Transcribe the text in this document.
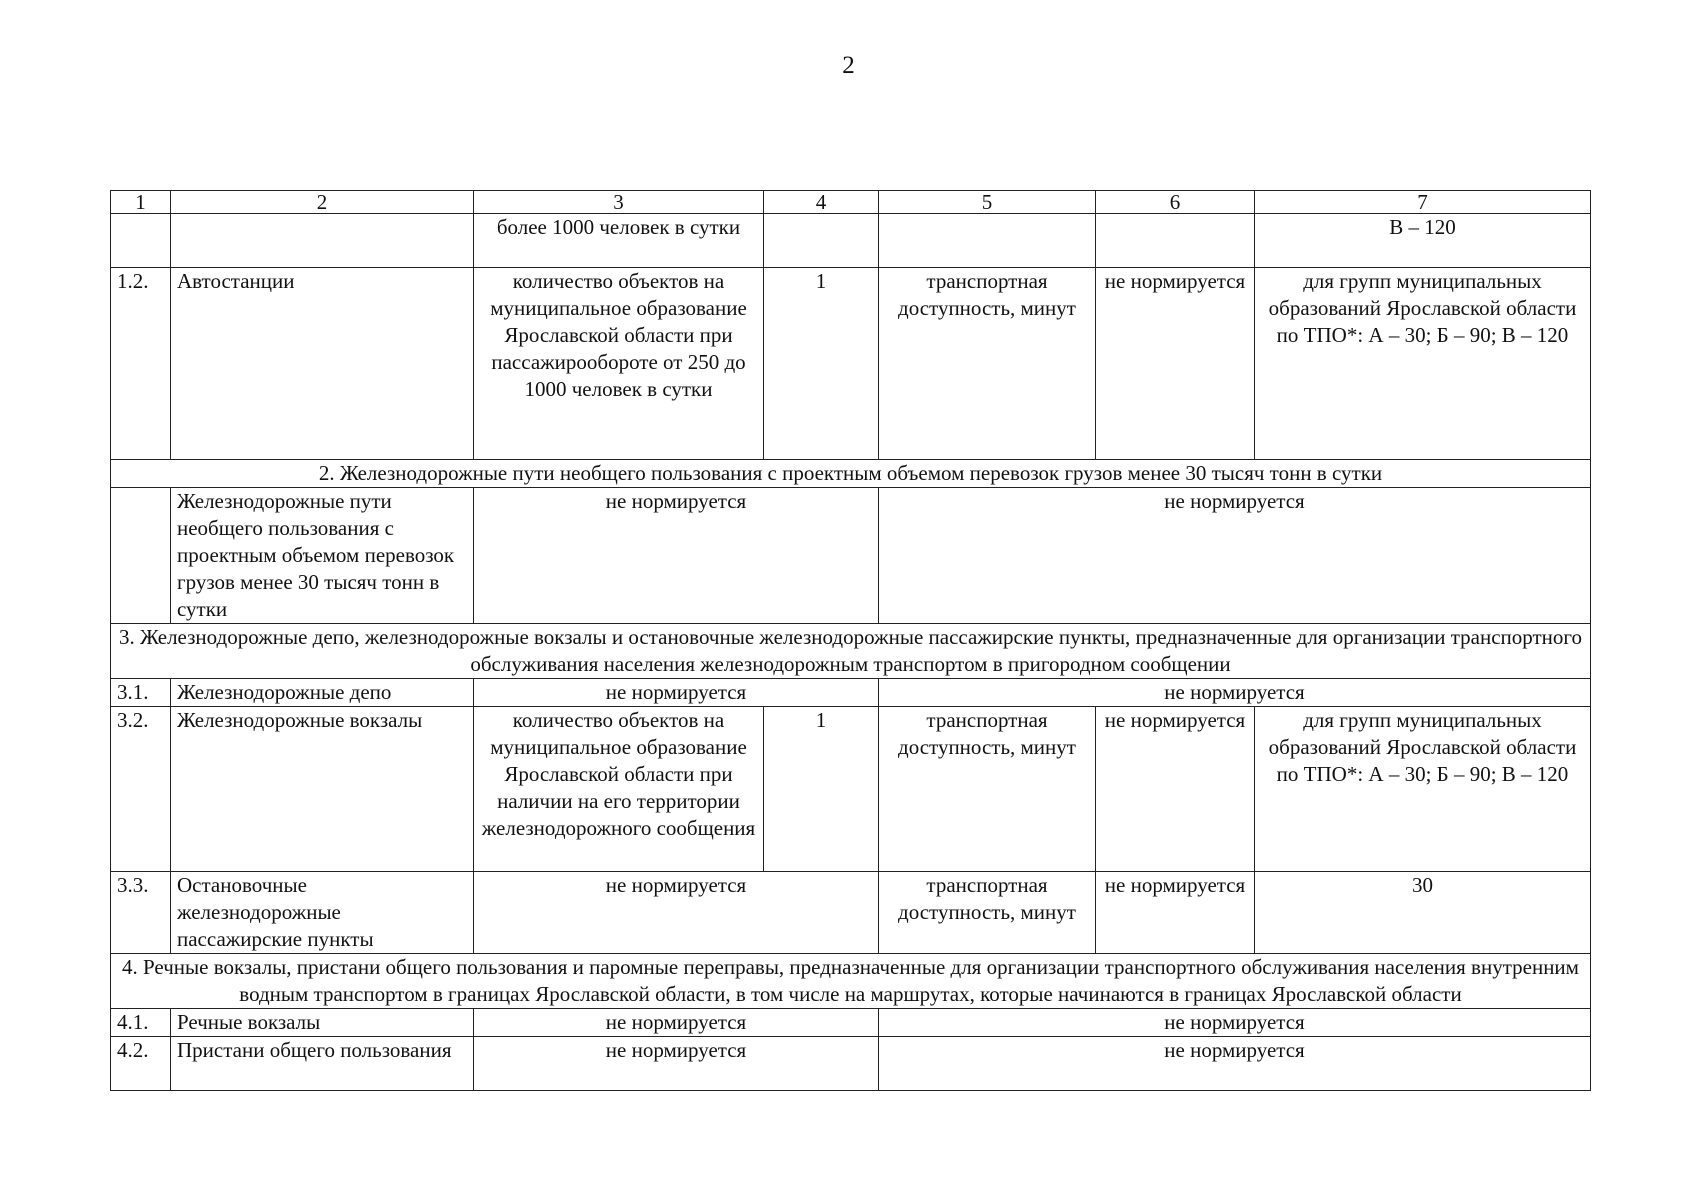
2
1	2	3	4	5	6	7
		более 1000 человек в сутки				В – 120
1.2.	Автостанции	количество объектов на муниципальное образование Ярославской области при пассажирообороте от 250 до 1000 человек в сутки	1	транспортная доступность, минут	не нормируется	для групп муниципальных образований Ярославской области по ТПО*: А – 30; Б – 90; В – 120
2. Железнодорожные пути необщего пользования с проектным объемом перевозок грузов менее 30 тысяч тонн в сутки						
	Железнодорожные пути необщего пользования с проектным объемом перевозок грузов менее 30 тысяч тонн в сутки	не нормируется		не нормируется		
3. Железнодорожные депо, железнодорожные вокзалы и остановочные железнодорожные пассажирские пункты, предназначенные для организации транспортного обслуживания населения железнодорожным транспортом в пригородном сообщении						
3.1.	Железнодорожные депо	не нормируется		не нормируется		
3.2.	Железнодорожные вокзалы	количество объектов на муниципальное образование Ярославской области при наличии на его территории железнодорожного сообщения	1	транспортная доступность, минут	не нормируется	для групп муниципальных образований Ярославской области по ТПО*: А – 30; Б – 90; В – 120
3.3.	Остановочные железнодорожные пассажирские пункты	не нормируется		транспортная доступность, минут	не нормируется	30
4. Речные вокзалы, пристани общего пользования и паромные переправы, предназначенные для организации транспортного обслуживания населения внутренним водным транспортом в границах Ярославской области, в том числе на маршрутах, которые начинаются в границах Ярославской области						
4.1.	Речные вокзалы	не нормируется		не нормируется		
4.2.	Пристани общего пользования	не нормируется		не нормируется		
